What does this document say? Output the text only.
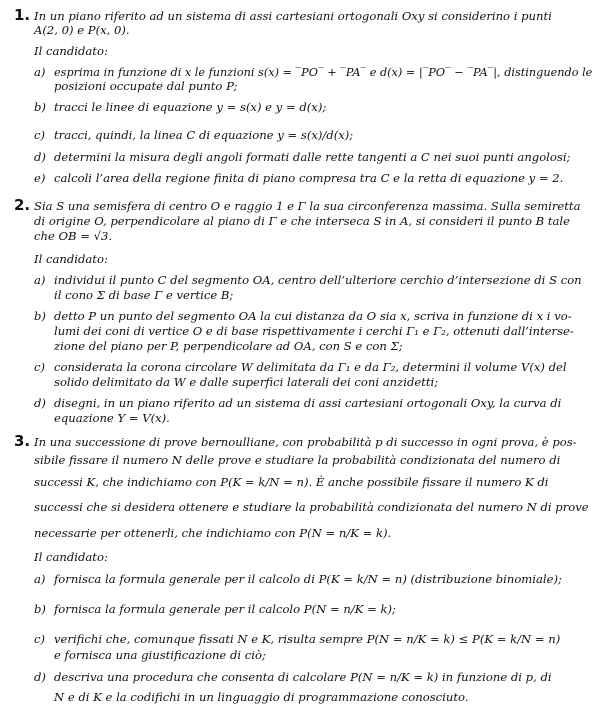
1. In un piano riferito ad un sistema di assi cartesiani ortogonali Oxy si considerino i punti
A(2, 0) e P(x, 0).
Il candidato:
a) esprima in funzione di x le funzioni s(x) = ‾PO‾ + ‾PA‾ e d(x) = |‾PO‾ − ‾PA‾|, distinguendo le
posizioni occupate dal punto P;
b) tracci le linee di equazione y = s(x) e y = d(x);
c) tracci, quindi, la linea C di equazione y = s(x)/d(x);
d) determini la misura degli angoli formati dalle rette tangenti a C nei suoi punti angolosi;
e) calcoli l’area della regione finita di piano compresa tra C e la retta di equazione y = 2.
2. Sia S una semisfera di centro O e raggio 1 e Γ la sua circonferenza massima. Sulla semiretta
di origine O, perpendicolare al piano di Γ e che interseca S in A, si consideri il punto B tale
che OB = √3.
Il candidato:
a) individui il punto C del segmento OA, centro dell’ulteriore cerchio d’intersezione di S con
il cono Σ di base Γ e vertice B;
b) detto P un punto del segmento OA la cui distanza da O sia x, scriva in funzione di x i vo-
lumi dei coni di vertice O e di base rispettivamente i cerchi Γ₁ e Γ₂, ottenuti dall’interse-
zione del piano per P, perpendicolare ad OA, con S e con Σ;
c) considerata la corona circolare W delimitata da Γ₁ e da Γ₂, determini il volume V(x) del
solido delimitato da W e dalle superfici laterali dei coni anzidetti;
d) disegni, in un piano riferito ad un sistema di assi cartesiani ortogonali Oxy, la curva di
equazione Y = V(x).
3. In una successione di prove bernoulliane, con probabilità p di successo in ogni prova, è pos-
sibile fissare il numero N delle prove e studiare la probabilità condizionata del numero di
successi K, che indichiamo con P(K = k/N = n). È anche possibile fissare il numero K di
successi che si desidera ottenere e studiare la probabilità condizionata del numero N di prove
necessarie per ottenerli, che indichiamo con P(N = n/K = k).
Il candidato:
a) fornisca la formula generale per il calcolo di P(K = k/N = n) (distribuzione binomiale);
b) fornisca la formula generale per il calcolo P(N = n/K = k);
c) verifichi che, comunque fissati N e K, risulta sempre P(N = n/K = k) ≤ P(K = k/N = n)
e fornisca una giustificazione di ciò;
d) descriva una procedura che consenta di calcolare P(N = n/K = k) in funzione di p, di
N e di K e la codifichi in un linguaggio di programmazione conosciuto.
